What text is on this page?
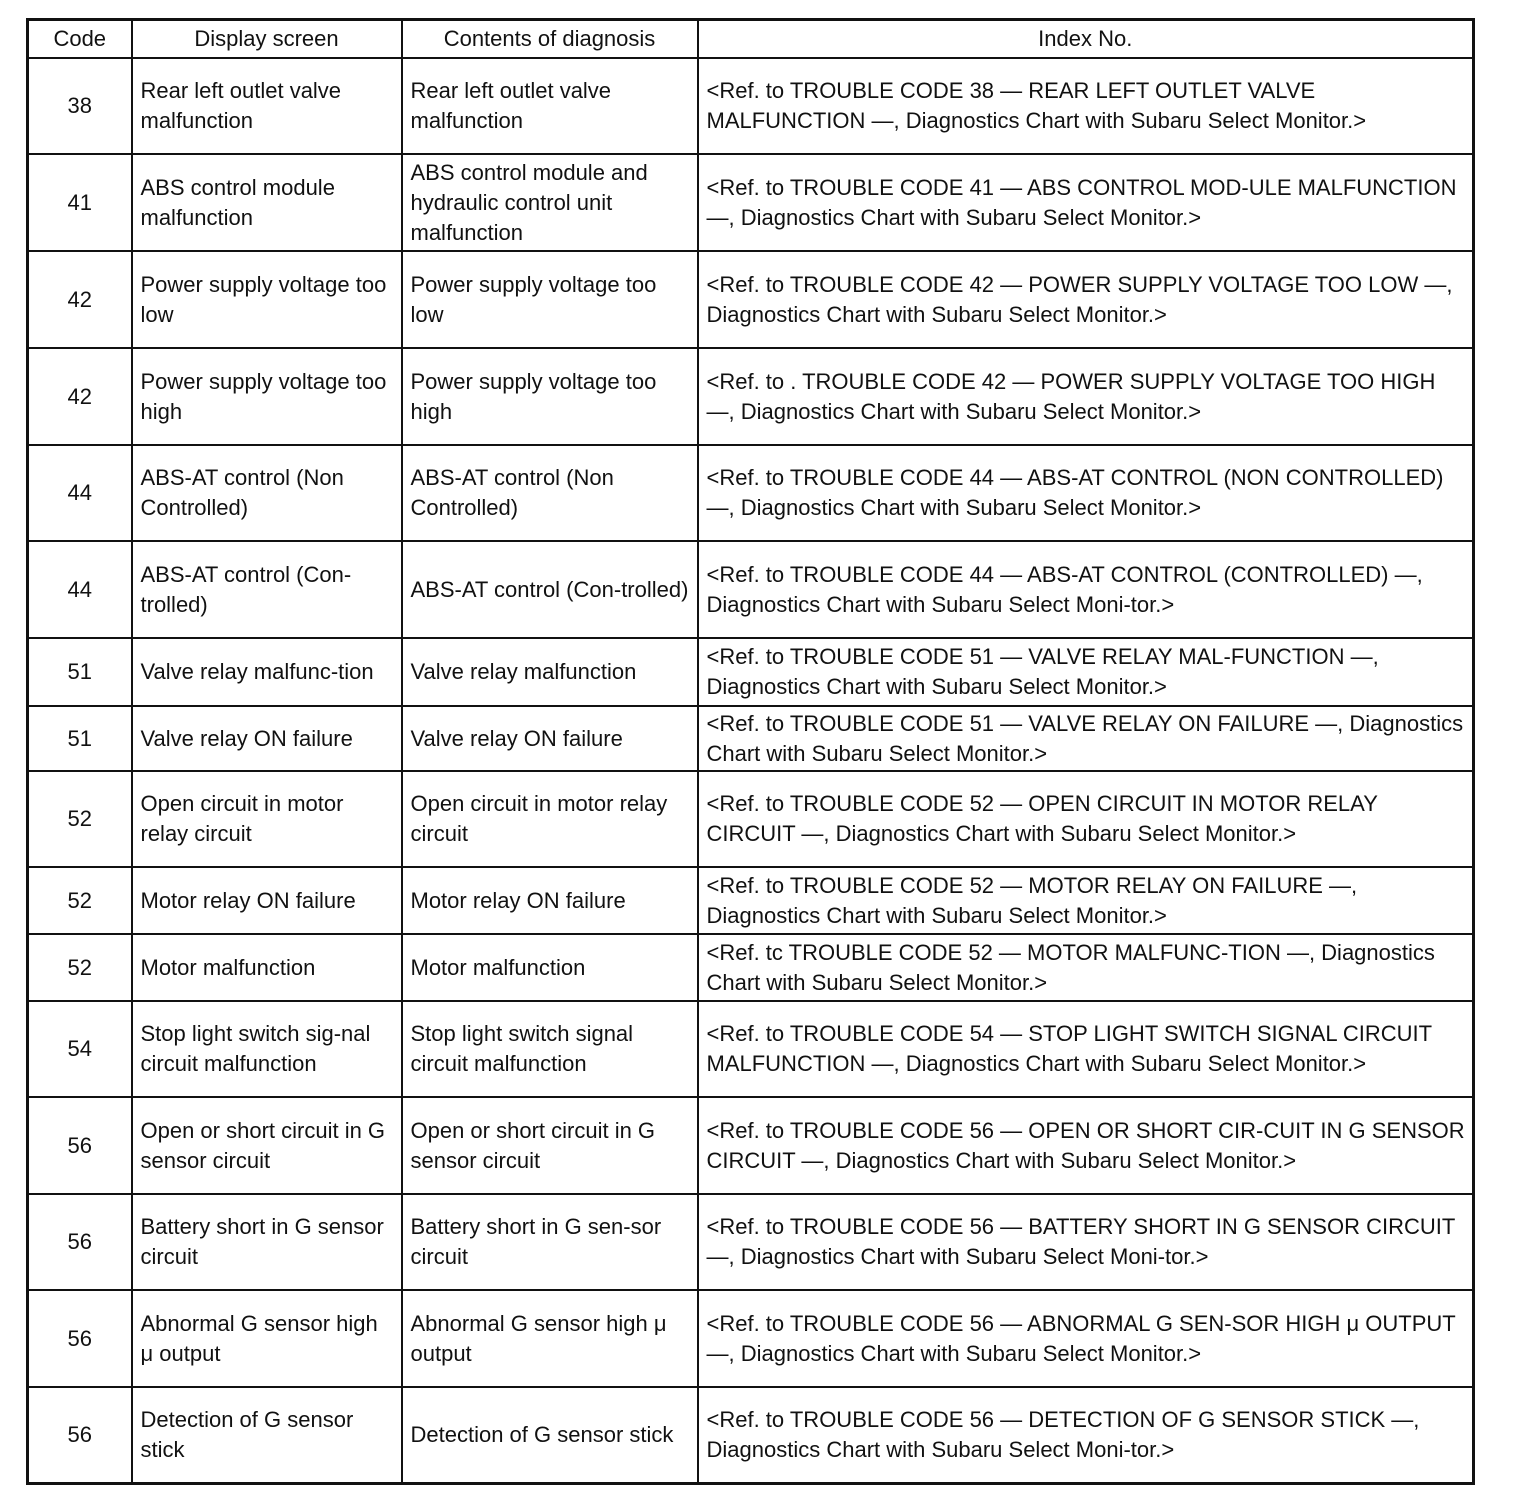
Code	Display screen	Contents of diagnosis	Index No.
38	Rear left outlet valve malfunction	Rear left outlet valve malfunction	<Ref. to TROUBLE CODE 38 — REAR LEFT OUTLET VALVE MALFUNCTION —, Diagnostics Chart with Subaru Select Monitor.>
41	ABS control module malfunction	ABS control module and hydraulic control unit malfunction	<Ref. to TROUBLE CODE 41 — ABS CONTROL MOD-ULE MALFUNCTION —, Diagnostics Chart with Subaru Select Monitor.>
42	Power supply voltage too low	Power supply voltage too low	<Ref. to TROUBLE CODE 42 — POWER SUPPLY VOLTAGE TOO LOW —, Diagnostics Chart with Subaru Select Monitor.>
42	Power supply voltage too high	Power supply voltage too high	<Ref. to . TROUBLE CODE 42 — POWER SUPPLY VOLTAGE TOO HIGH —, Diagnostics Chart with Subaru Select Monitor.>
44	ABS-AT control (Non Controlled)	ABS-AT control (Non Controlled)	<Ref. to TROUBLE CODE 44 — ABS-AT CONTROL (NON CONTROLLED) —, Diagnostics Chart with Subaru Select Monitor.>
44	ABS-AT control (Con-trolled)	ABS-AT control (Con-trolled)	<Ref. to TROUBLE CODE 44 — ABS-AT CONTROL (CONTROLLED) —, Diagnostics Chart with Subaru Select Moni-tor.>
51	Valve relay malfunc-tion	Valve relay malfunction	<Ref. to TROUBLE CODE 51 — VALVE RELAY MAL-FUNCTION —, Diagnostics Chart with Subaru Select Monitor.>
51	Valve relay ON failure	Valve relay ON failure	<Ref. to TROUBLE CODE 51 — VALVE RELAY ON FAILURE —, Diagnostics Chart with Subaru Select Monitor.>
52	Open circuit in motor relay circuit	Open circuit in motor relay circuit	<Ref. to TROUBLE CODE 52 — OPEN CIRCUIT IN MOTOR RELAY CIRCUIT —, Diagnostics Chart with Subaru Select Monitor.>
52	Motor relay ON failure	Motor relay ON failure	<Ref. to TROUBLE CODE 52 — MOTOR RELAY ON FAILURE —, Diagnostics Chart with Subaru Select Monitor.>
52	Motor malfunction	Motor malfunction	<Ref. tc TROUBLE CODE 52 — MOTOR MALFUNC-TION —, Diagnostics Chart with Subaru Select Monitor.>
54	Stop light switch sig-nal circuit malfunction	Stop light switch signal circuit malfunction	<Ref. to TROUBLE CODE 54 — STOP LIGHT SWITCH SIGNAL CIRCUIT MALFUNCTION —, Diagnostics Chart with Subaru Select Monitor.>
56	Open or short circuit in G sensor circuit	Open or short circuit in G sensor circuit	<Ref. to TROUBLE CODE 56 — OPEN OR SHORT CIR-CUIT IN G SENSOR CIRCUIT —, Diagnostics Chart with Subaru Select Monitor.>
56	Battery short in G sensor circuit	Battery short in G sen-sor circuit	<Ref. to TROUBLE CODE 56 — BATTERY SHORT IN G SENSOR CIRCUIT —, Diagnostics Chart with Subaru Select Moni-tor.>
56	Abnormal G sensor high μ output	Abnormal G sensor high μ output	<Ref. to TROUBLE CODE 56 — ABNORMAL G SEN-SOR HIGH μ OUTPUT —, Diagnostics Chart with Subaru Select Monitor.>
56	Detection of G sensor stick	Detection of G sensor stick	<Ref. to TROUBLE CODE 56 — DETECTION OF G SENSOR STICK —, Diagnostics Chart with Subaru Select Moni-tor.>
